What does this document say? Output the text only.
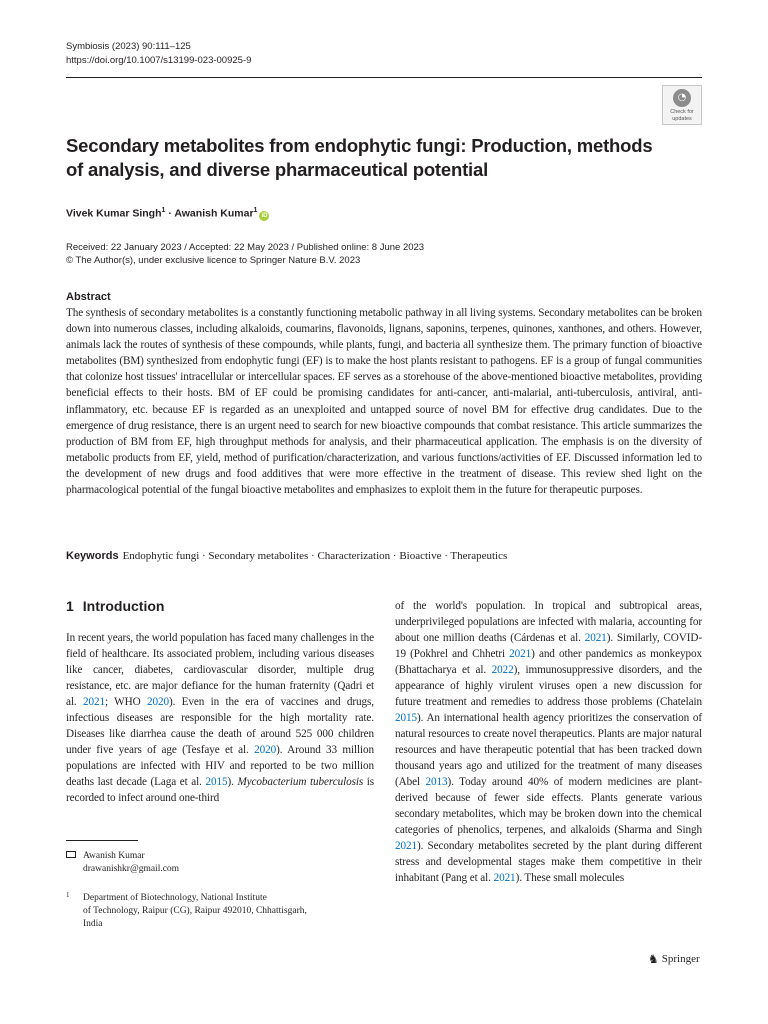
Symbiosis (2023) 90:111–125
https://doi.org/10.1007/s13199-023-00925-9
◔
Check for
updates
Secondary metabolites from endophytic fungi: Production, methods of analysis, and diverse pharmaceutical potential
Vivek Kumar Singh$^1$ · Awanish Kumar$^1$iD
Received: 22 January 2023 / Accepted: 22 May 2023 / Published online: 8 June 2023
© The Author(s), under exclusive licence to Springer Nature B.V. 2023
Abstract

The synthesis of secondary metabolites is a constantly functioning metabolic pathway in all living systems. Secondary metabolites can be broken down into numerous classes, including alkaloids, coumarins, flavonoids, lignans, saponins, terpenes, quinones, xanthones, and others. However, animals lack the routes of synthesis of these compounds, while plants, fungi, and bacteria all synthesize them. The primary function of bioactive metabolites (BM) synthesized from endophytic fungi (EF) is to make the host plants resistant to pathogens. EF is a group of fungal communities that colonize host tissues' intracellular or intercellular spaces. EF serves as a storehouse of the above-mentioned bioactive metabolites, providing beneficial effects to their hosts. BM of EF could be promising candidates for anti-cancer, anti-malarial, anti-tuberculosis, antiviral, anti-inflammatory, etc. because EF is regarded as an unexploited and untapped source of novel BM for effective drug candidates. Due to the emergence of drug resistance, there is an urgent need to search for new bioactive compounds that combat resistance. This article summarizes the production of BM from EF, high throughput methods for analysis, and their pharmaceutical application. The emphasis is on the diversity of metabolic products from EF, yield, method of purification/characterization, and various functions/activities of EF. Discussed information led to the development of new drugs and food additives that were more effective in the treatment of disease. This review shed light on the pharmacological potential of the fungal bioactive metabolites and emphasizes to exploit them in the future for therapeutic purposes.

Keywords Endophytic fungi · Secondary metabolites · Characterization · Bioactive · Therapeutics
1 Introduction

In recent years, the world population has faced many challenges in the field of healthcare. Its associated problem, including various diseases like cancer, diabetes, cardiovascular disorder, multiple drug resistance, etc. are major defiance for the human fraternity (Qadri et al. 2021; WHO 2020). Even in the era of vaccines and drugs, infectious diseases are responsible for the high mortality rate. Diseases like diarrhea cause the death of around 525 000 children under five years of age (Tesfaye et al. 2020). Around 33 million populations are infected with HIV and reported to be two million deaths last decade (Laga et al. 2015). Mycobacterium tuberculosis is recorded to infect around one-third

of the world's population. In tropical and subtropical areas, underprivileged populations are infected with malaria, accounting for about one million deaths (Cárdenas et al. 2021). Similarly, COVID-19 (Pokhrel and Chhetri 2021) and other pandemics as monkeypox (Bhattacharya et al. 2022), immunosuppressive disorders, and the appearance of highly virulent viruses open a new discussion for future treatment and remedies to address those problems (Chatelain 2015). An international health agency prioritizes the conservation of natural resources to create novel therapeutics. Plants are major natural resources and have therapeutic potential that has been tracked down thousand years ago and utilized for the treatment of many diseases (Abel 2013). Today around 40% of modern medicines are plant-derived because of fewer side effects. Plants generate various secondary metabolites, which may be broken down into the chemical categories of phenolics, terpenes, and alkaloids (Sharma and Singh 2021). Secondary metabolites secreted by the plant during different stress and developmental stages make them competitive in their inhabitant (Pang et al. 2021). These small molecules

Awanish Kumar
drawanishkr@gmail.com
1 Department of Biotechnology, National Institute
of Technology, Raipur (CG), Raipur 492010, Chhattisgarh,
India
♞ Springer
